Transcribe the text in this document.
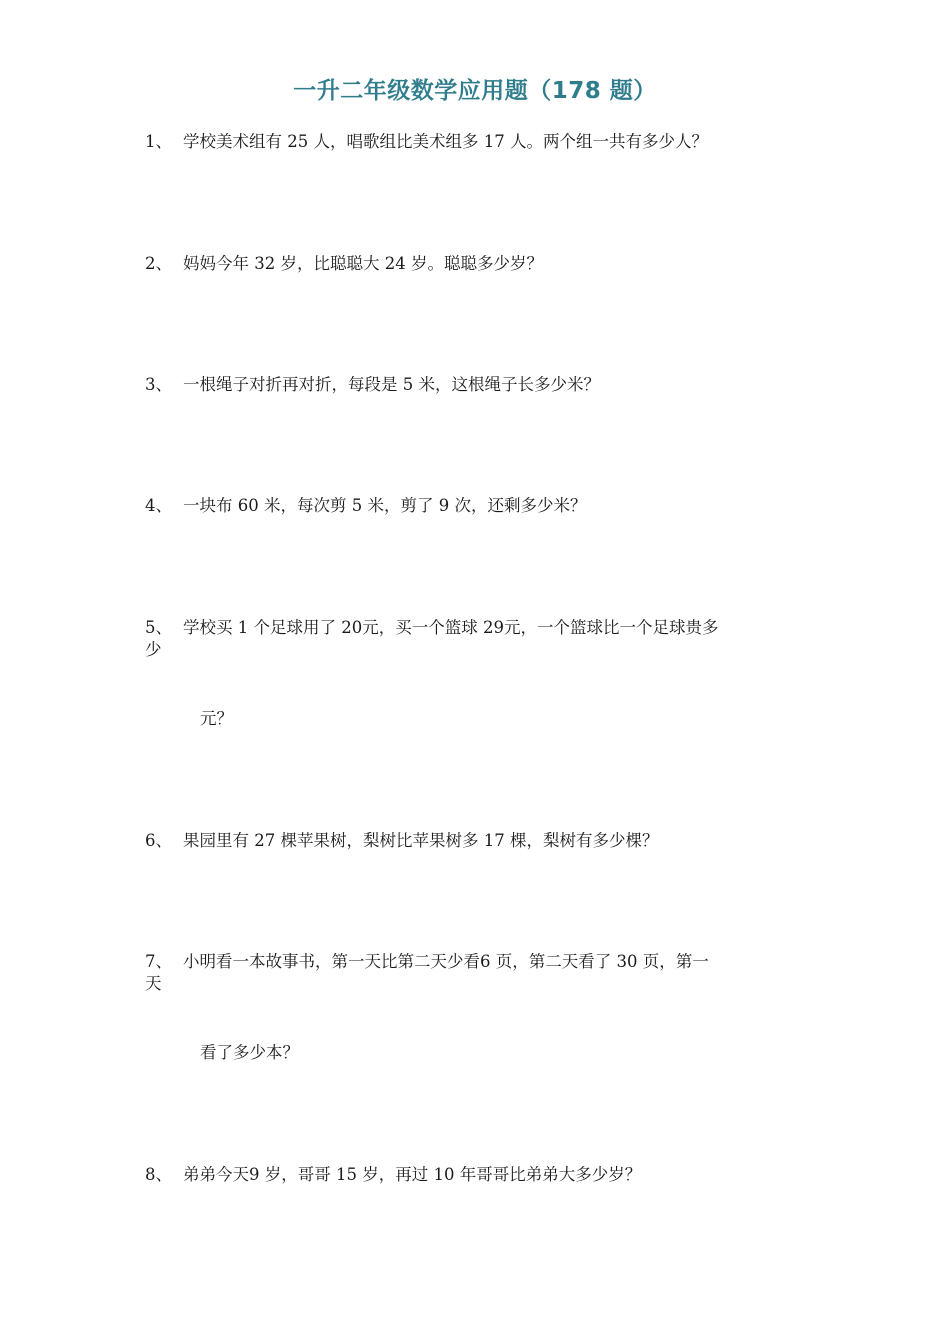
一升二年级数学应用题（178 题）
1、 学校美术组有 25 人，唱歌组比美术组多 17 人。两个组一共有多少人？
2、 妈妈今年 32 岁，比聪聪大 24 岁。聪聪多少岁？
3、 一根绳子对折再对折，每段是 5 米，这根绳子长多少米？
4、 一块布 60 米，每次剪 5 米，剪了 9 次，还剩多少米？
5、 学校买 1 个足球用了 20元，买一个篮球 29元，一个篮球比一个足球贵多
少
元？
6、 果园里有 27 棵苹果树，梨树比苹果树多 17 棵，梨树有多少棵？
7、 小明看一本故事书，第一天比第二天少看6 页，第二天看了 30 页，第一
天
看了多少本？
8、 弟弟今天9 岁，哥哥 15 岁，再过 10 年哥哥比弟弟大多少岁？
